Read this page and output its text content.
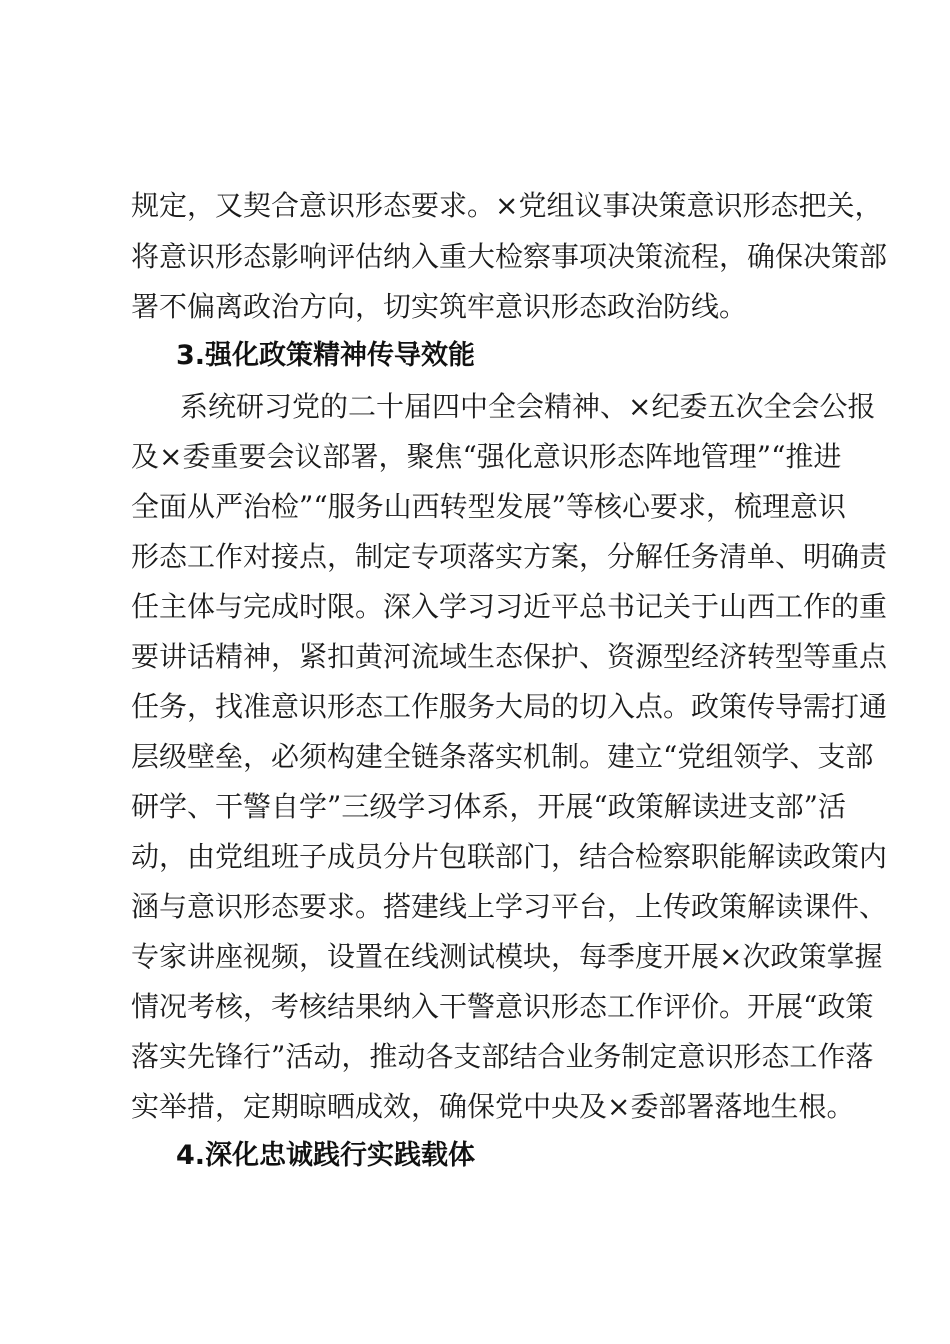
规定，又契合意识形态要求。×党组议事决策意识形态把关，
将意识形态影响评估纳入重大检察事项决策流程，确保决策部
署不偏离政治方向，切实筑牢意识形态政治防线。
3.强化政策精神传导效能
系统研习党的二十届四中全会精神、×纪委五次全会公报
及×委重要会议部署，聚焦“强化意识形态阵地管理”“推进
全面从严治检”“服务山西转型发展”等核心要求，梳理意识
形态工作对接点，制定专项落实方案，分解任务清单、明确责
任主体与完成时限。深入学习习近平总书记关于山西工作的重
要讲话精神，紧扣黄河流域生态保护、资源型经济转型等重点
任务，找准意识形态工作服务大局的切入点。政策传导需打通
层级壁垒，必须构建全链条落实机制。建立“党组领学、支部
研学、干警自学”三级学习体系，开展“政策解读进支部”活
动，由党组班子成员分片包联部门，结合检察职能解读政策内
涵与意识形态要求。搭建线上学习平台，上传政策解读课件、
专家讲座视频，设置在线测试模块，每季度开展×次政策掌握
情况考核，考核结果纳入干警意识形态工作评价。开展“政策
落实先锋行”活动，推动各支部结合业务制定意识形态工作落
实举措，定期晾晒成效，确保党中央及×委部署落地生根。
4.深化忠诚践行实践载体
